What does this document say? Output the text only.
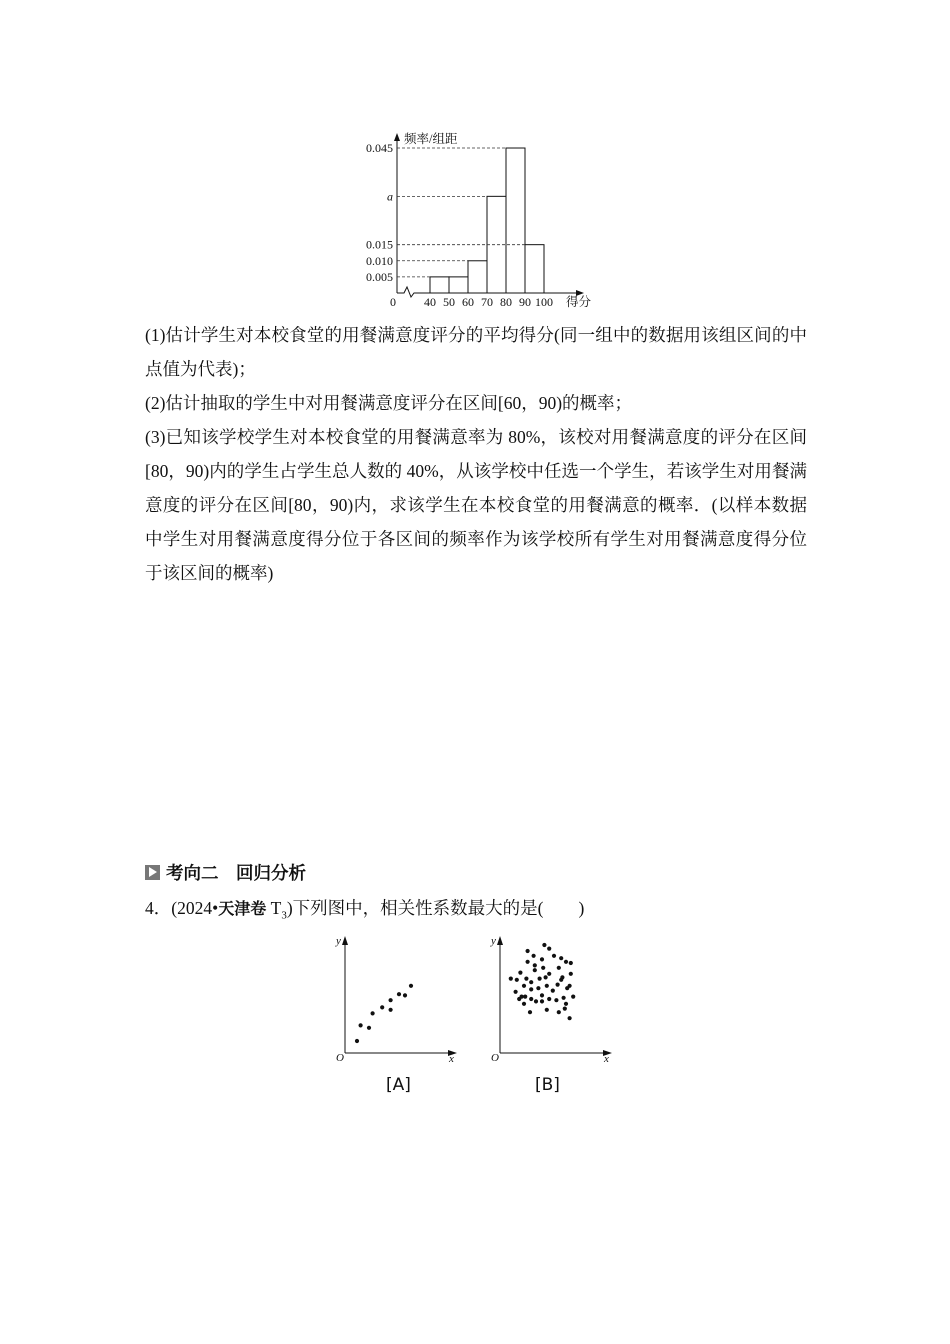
频率/组距
得分
0
0.045
a
0.015
0.010
0.005
40 50 60 70 80 90 100
(1)估计学生对本校食堂的用餐满意度评分的平均得分(同一组中的数据用该组区间的中点值为代表)；
(2)估计抽取的学生中对用餐满意度评分在区间[60，90)的概率；
(3)已知该学校学生对本校食堂的用餐满意率为 80%，该校对用餐满意度的评分在区间[80，90)内的学生占学生总人数的 40%，从该学校中任选一个学生，若该学生对用餐满意度的评分在区间[80，90)内，求该学生在本校食堂的用餐满意的概率．(以样本数据中学生对用餐满意度得分位于各区间的频率作为该学校所有学生对用餐满意度得分位于该区间的概率)
考向二　回归分析
4．(2024•天津卷 $T_3$)下列图中，相关性系数最大的是(　　)
y
x
O
y
x
O
[A]	[B]
